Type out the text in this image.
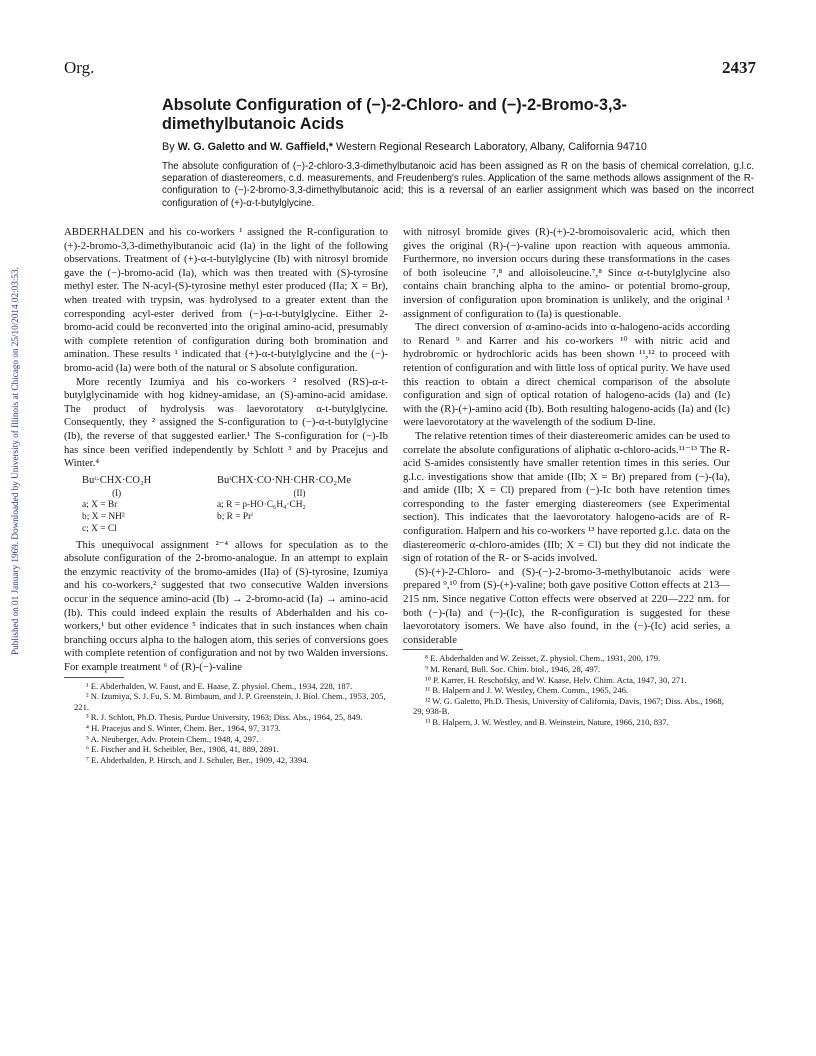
Org.	2437
Published on 01 January 1969. Downloaded by University of Illinois at Chicago on 25/10/2014 02:03:53.
Absolute Configuration of (−)-2-Chloro- and (−)-2-Bromo-3,3-dimethylbutanoic Acids
By W. G. Galetto and W. Gaffield,* Western Regional Research Laboratory, Albany, California 94710
The absolute configuration of (−)-2-chloro-3,3-dimethylbutanoic acid has been assigned as R on the basis of chemical correlation, g.l.c. separation of diastereomers, c.d. measurements, and Freudenberg's rules. Application of the same methods allows assignment of the R-configuration to (−)-2-bromo-3,3-dimethylbutanoic acid; this is a reversal of an earlier assignment which was based on the incorrect configuration of (+)-α-t-butylglycine.

ABDERHALDEN and his co-workers ¹ assigned the R-configuration to (+)-2-bromo-3,3-dimethylbutanoic acid (Ia) in the light of the following observations. Treatment of (+)-α-t-butylglycine (Ib) with nitrosyl bromide gave the (−)-bromo-acid (Ia), which was then treated with (S)-tyrosine methyl ester. The N-acyl-(S)-tyrosine methyl ester produced (IIa; X = Br), when treated with trypsin, was hydrolysed to a greater extent than the corresponding acyl-ester derived from (−)-α-t-butylglycine. Either 2-bromo-acid could be reconverted into the original amino-acid, presumably with complete retention of configuration during both bromination and amination. These results ¹ indicated that (+)-α-t-butylglycine and the (−)-bromo-acid (Ia) were both of the natural or S absolute configuration.

More recently Izumiya and his co-workers ² resolved (RS)-α-t-butylglycinamide with hog kidney-amidase, an (S)-amino-acid amidase. The product of hydrolysis was laevorotatory α-t-butylglycine. Consequently, they ² assigned the S-configuration to (−)-α-t-butylglycine (Ib), the reverse of that suggested earlier.¹ The S-configuration for (−)-Ib has since been verified independently by Schlott ³ and by Pracejus and Winter.⁴

Buᵗ·CHX·CO₂H
(I)
a; X = Br
b; X = NH²
c; X = Cl
BuᵗCHX·CO·NH·CHR·CO₂Me
(II)
a; R = p-HO·C₆H₄·CH₂
b; R = Prⁱ

This unequivocal assignment ²⁻⁴ allows for speculation as to the absolute configuration of the 2-bromo-analogue. In an attempt to explain the enzymic reactivity of the bromo-amides (IIa) of (S)-tyrosine, Izumiya and his co-workers,² suggested that two consecutive Walden inversions occur in the sequence amino-acid (Ib) → 2-bromo-acid (Ia) → amino-acid (Ib). This could indeed explain the results of Abderhalden and his co-workers,¹ but other evidence ⁵ indicates that in such instances when chain branching occurs alpha to the halogen atom, this series of conversions goes with complete retention of configuration and not by two Walden inversions. For example treatment ⁶ of (R)-(−)-valine

¹ E. Abderhalden, W. Faust, and E. Haase, Z. physiol. Chem., 1934, 228, 187.

² N. Izumiya, S. J. Fu, S. M. Birnbaum, and J. P. Greenstein, J. Biol. Chem., 1953, 205, 221.

³ R. J. Schlott, Ph.D. Thesis, Purdue University, 1963; Diss. Abs., 1964, 25, 849.

⁴ H. Pracejus and S. Winter, Chem. Ber., 1964, 97, 3173.

⁵ A. Neuberger, Adv. Protein Chem., 1948, 4, 297.

⁶ E. Fischer and H. Scheibler, Ber., 1908, 41, 889, 2891.

⁷ E. Abderhalden, P. Hirsch, and J. Schuler, Ber., 1909, 42, 3394.

with nitrosyl bromide gives (R)-(+)-2-bromoisovaleric acid, which then gives the original (R)-(−)-valine upon reaction with aqueous ammonia. Furthermore, no inversion occurs during these transformations in the cases of both isoleucine ⁷,⁸ and alloisoleucine.⁷,⁸ Since α-t-butylglycine also contains chain branching alpha to the amino- or potential bromo-group, inversion of configuration upon bromination is unlikely, and the original ¹ assignment of configuration to (Ia) is questionable.

The direct conversion of α-amino-acids into α-halogeno-acids according to Renard ⁹ and Karrer and his co-workers ¹⁰ with nitric acid and hydrobromic or hydrochloric acids has been shown ¹¹,¹² to proceed with retention of configuration and with little loss of optical purity. We have used this reaction to obtain a direct chemical comparison of the absolute configuration and sign of optical rotation of halogeno-acids (Ia) and (Ic) with the (R)-(+)-amino acid (Ib). Both resulting halogeno-acids (Ia) and (Ic) were laevorotatory at the wavelength of the sodium D-line.

The relative retention times of their diastereomeric amides can be used to correlate the absolute configurations of aliphatic α-chloro-acids.¹¹⁻¹³ The R-acid S-amides consistently have smaller retention times in this series. Our g.l.c. investigations show that amide (IIb; X = Br) prepared from (−)-(Ia), and amide (IIb; X = Cl) prepared from (−)-Ic both have retention times corresponding to the faster emerging diastereomers (see Experimental section). This indicates that the laevorotatory halogeno-acids are of R-configuration. Halpern and his co-workers ¹³ have reported g.l.c. data on the diastereomeric α-chloro-amides (IIb; X = Cl) but they did not indicate the sign of rotation of the R- or S-acids involved.

(S)-(+)-2-Chloro- and (S)-(−)-2-bromo-3-methylbutanoic acids were prepared ⁹,¹⁰ from (S)-(+)-valine; both gave positive Cotton effects at 213—215 nm. Since negative Cotton effects were observed at 220—222 nm. for both (−)-(Ia) and (−)-(Ic), the R-configuration is suggested for these laevorotatory isomers. We have also found, in the (−)-(Ic) acid series, a considerable

⁸ E. Abderhalden and W. Zeisset, Z. physiol. Chem., 1931, 200, 179.

⁹ M. Renard, Bull. Soc. Chim. biol., 1946, 28, 497.

¹⁰ P. Karrer, H. Reschofsky, and W. Kaase, Helv. Chim. Acta, 1947, 30, 271.

¹¹ B. Halpern and J. W. Westley, Chem. Comm., 1965, 246.

¹² W. G. Galetto, Ph.D. Thesis, University of California, Davis, 1967; Diss. Abs., 1968, 29, 938-B.

¹³ B. Halpern, J. W. Westley, and B. Weinstein, Nature, 1966, 210, 837.
